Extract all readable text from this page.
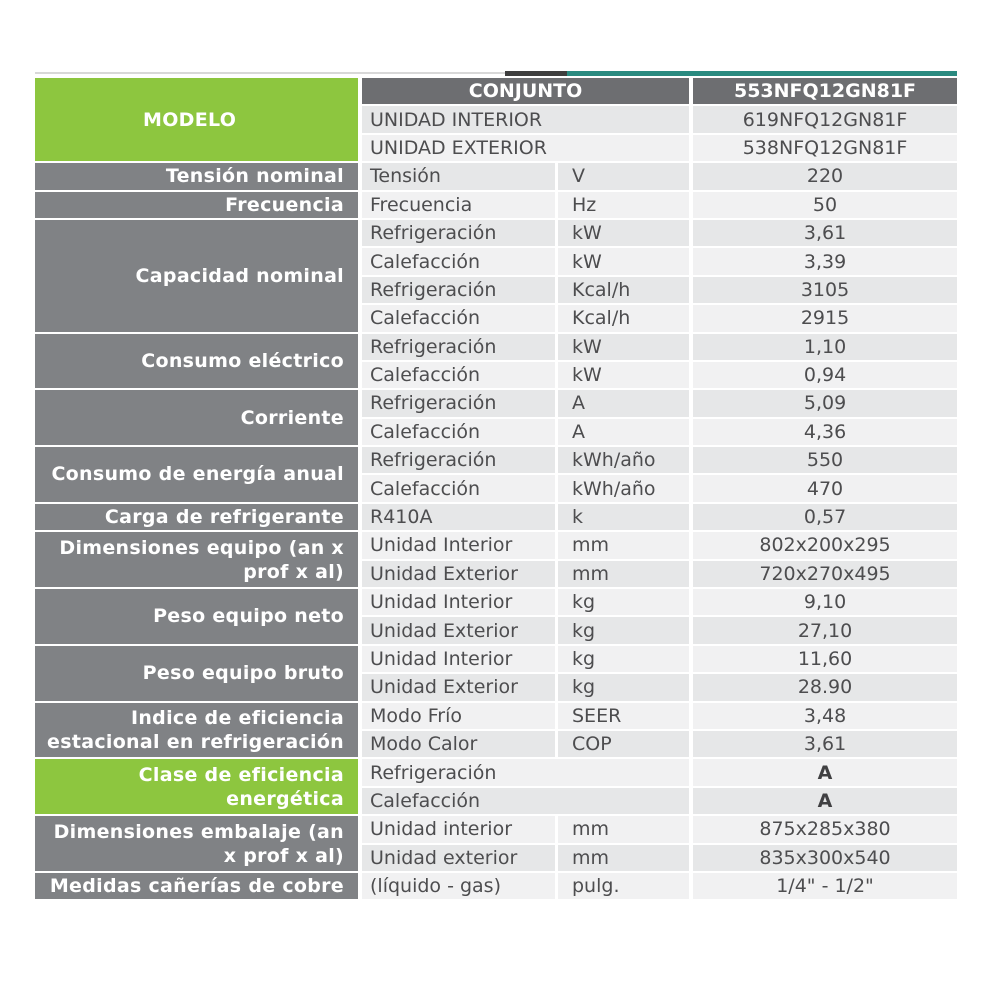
MODELO	CONJUNTO		553NFQ12GN81F
	UNIDAD INTERIOR		619NFQ12GN81F
	UNIDAD EXTERIOR		538NFQ12GN81F
Tensión nominal	Tensión	V	220
Frecuencia	Frecuencia	Hz	50
Capacidad nominal	Refrigeración	kW	3,61
	Calefacción	kW	3,39
	Refrigeración	Kcal/h	3105
	Calefacción	Kcal/h	2915
Consumo eléctrico	Refrigeración	kW	1,10
	Calefacción	kW	0,94
Corriente	Refrigeración	A	5,09
	Calefacción	A	4,36
Consumo de energía anual	Refrigeración	kWh/año	550
	Calefacción	kWh/año	470
Carga de refrigerante	R410A	k	0,57
Dimensiones equipo (an x prof x al)	Unidad Interior	mm	802x200x295
	Unidad Exterior	mm	720x270x495
Peso equipo neto	Unidad Interior	kg	9,10
	Unidad Exterior	kg	27,10
Peso equipo bruto	Unidad Interior	kg	11,60
	Unidad Exterior	kg	28.90
Indice de eficiencia estacional en refrigeración	Modo Frío	SEER	3,48
	Modo Calor	COP	3,61
Clase de eficiencia energética	Refrigeración		A
	Calefacción		A
Dimensiones embalaje (an x prof x al)	Unidad interior	mm	875x285x380
	Unidad exterior	mm	835x300x540
Medidas cañerías de cobre	(líquido - gas)	pulg.	1/4" - 1/2"
